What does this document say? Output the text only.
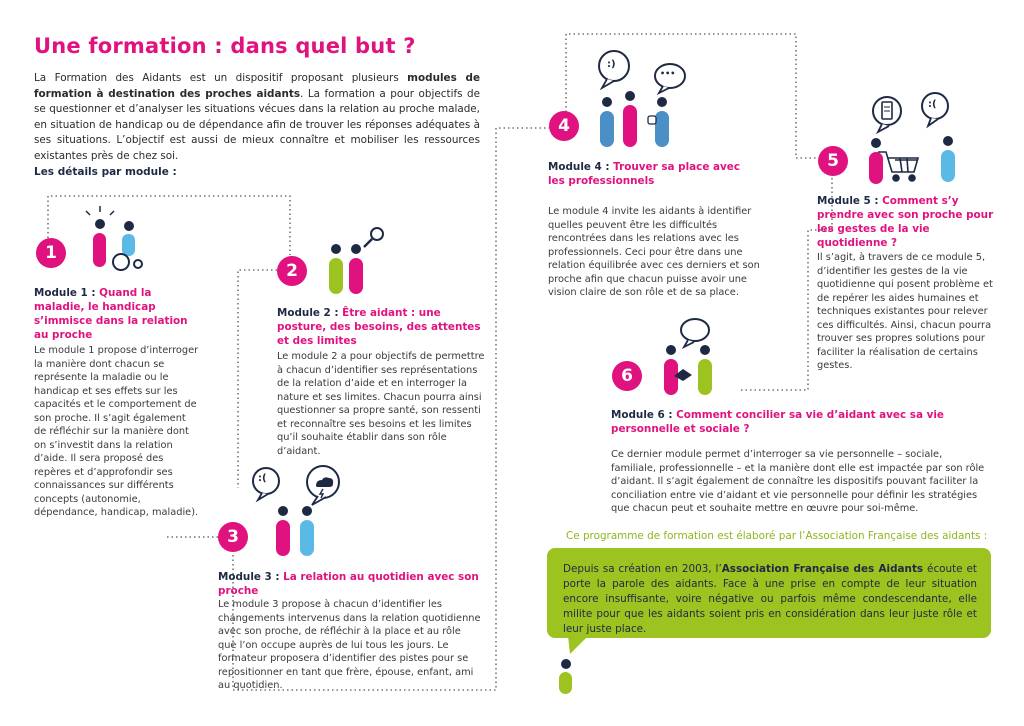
:(
:)
•••
:(
Une formation : dans quel but ?
La Formation des Aidants est un dispositif proposant plusieurs modules de formation à destination des proches aidants. La formation a pour objectifs de se questionner et d’analyser les situations vécues dans la relation au proche malade, en situation de handicap ou de dépendance afin de trouver les réponses adéquates à ses situations. L’objectif est aussi de mieux connaître et mobiliser les ressources existantes près de chez soi.
Les détails par module :
1
2
3
4
5
6
Module 1 : Quand la maladie, le handicap s’immisce dans la relation au proche
Le module 1 propose d’interroger la manière dont chacun se représente la maladie ou le handicap et ses effets sur les capacités et le comportement de son proche. Il s’agit également de réfléchir sur la manière dont on s’investit dans la relation d’aide. Il sera proposé des repères et d’approfondir ses connaissances sur différents concepts (autonomie, dépendance, handicap, maladie).
Module 2 : Être aidant : une posture, des besoins, des attentes et des limites
Le module 2 a pour objectifs de permettre à chacun d’identifier ses représentations de la relation d’aide et en interroger la nature et ses limites. Chacun pourra ainsi questionner sa propre santé, son ressenti et reconnaître ses besoins et les limites qu’il souhaite établir dans son rôle d’aidant.
Module 3 : La relation au quotidien avec son proche
Le module 3 propose à chacun d’identifier les changements intervenus dans la relation quotidienne avec son proche, de réfléchir à la place et au rôle que l’on occupe auprès de lui tous les jours. Le formateur proposera d’identifier des pistes pour se repositionner en tant que frère, épouse, enfant, ami au quotidien.
Module 4 : Trouver sa place avec les professionnels
Le module 4 invite les aidants à identifier quelles peuvent être les difficultés rencontrées dans les relations avec les professionnels. Ceci pour être dans une relation équilibrée avec ces derniers et son proche afin que chacun puisse avoir une vision claire de son rôle et de sa place.
Module 5 : Comment s’y prendre avec son proche pour les gestes de la vie quotidienne ?
Il s’agit, à travers de ce module 5, d’identifier les gestes de la vie quotidienne qui posent problème et de repérer les aides humaines et techniques existantes pour relever ces difficultés. Ainsi, chacun pourra trouver ses propres solutions pour faciliter la réalisation de certains gestes.
Module 6 : Comment concilier sa vie d’aidant avec sa vie personnelle et sociale ?
Ce dernier module permet d’interroger sa vie personnelle – sociale, familiale, professionnelle – et la manière dont elle est impactée par son rôle d’aidant. Il s’agit également de connaître les dispositifs pouvant faciliter la conciliation entre vie d’aidant et vie personnelle pour définir les stratégies que chacun peut et souhaite mettre en œuvre pour soi-même.
Ce programme de formation est élaboré par l’Association Française des aidants :
Depuis sa création en 2003, l’Association Française des Aidants écoute et porte la parole des aidants. Face à une prise en compte de leur situation encore insuffisante, voire négative ou parfois même condescendante, elle milite pour que les aidants soient pris en considération dans leur juste rôle et leur juste place.
